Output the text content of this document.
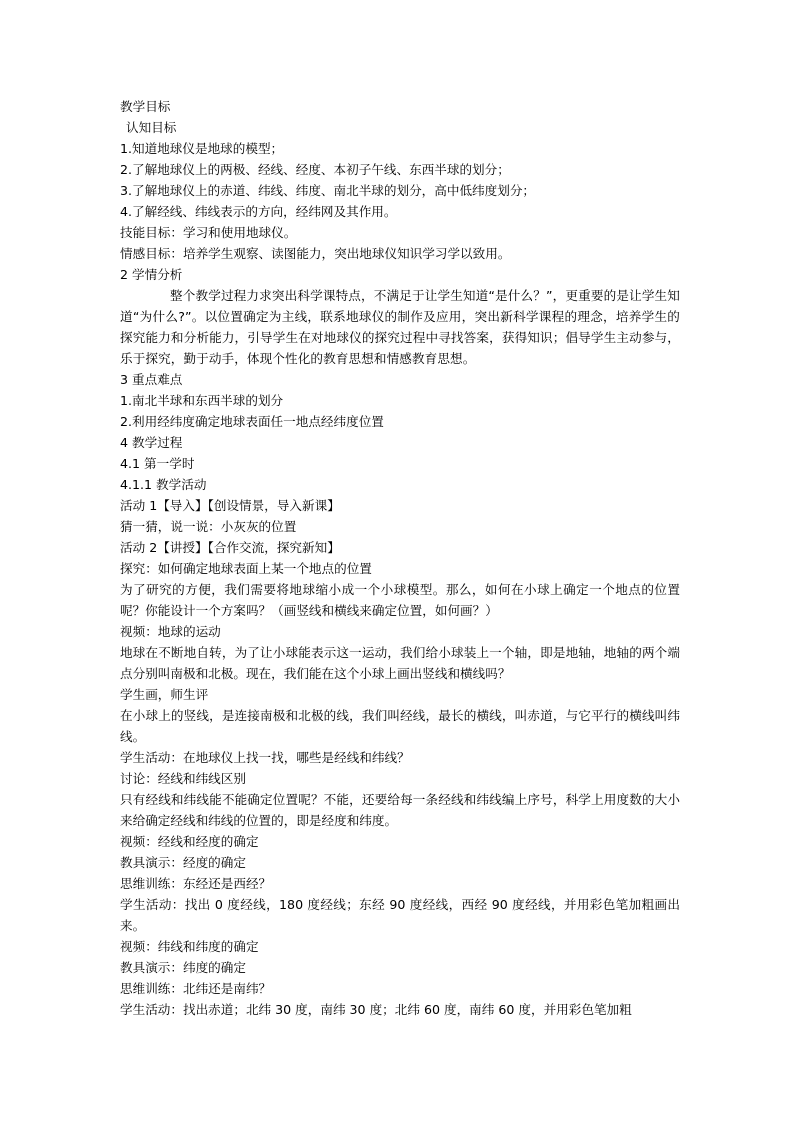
教学目标
认知目标
1.知道地球仪是地球的模型；
2.了解地球仪上的两极、经线、经度、本初子午线、东西半球的划分；
3.了解地球仪上的赤道、纬线、纬度、南北半球的划分，高中低纬度划分；
4.了解经线、纬线表示的方向，经纬网及其作用。
技能目标：学习和使用地球仪。
情感目标：培养学生观察、读图能力，突出地球仪知识学习学以致用。
2 学情分析
整个教学过程力求突出科学课特点，不满足于让学生知道“是什么？”，更重要的是让学生知道“为什么?”。以位置确定为主线，联系地球仪的制作及应用，突出新科学课程的理念，培养学生的探究能力和分析能力，引导学生在对地球仪的探究过程中寻找答案，获得知识；倡导学生主动参与，乐于探究，勤于动手，体现个性化的教育思想和情感教育思想。
3 重点难点
1.南北半球和东西半球的划分
2.利用经纬度确定地球表面任一地点经纬度位置
4 教学过程
4.1 第一学时
4.1.1 教学活动
活动 1【导入】【创设情景，导入新课】
猜一猜，说一说：小灰灰的位置
活动 2【讲授】【合作交流，探究新知】
探究：如何确定地球表面上某一个地点的位置
为了研究的方便，我们需要将地球缩小成一个小球模型。那么，如何在小球上确定一个地点的位置呢？你能设计一个方案吗？（画竖线和横线来确定位置，如何画？）
视频：地球的运动
地球在不断地自转，为了让小球能表示这一运动，我们给小球装上一个轴，即是地轴，地轴的两个端点分别叫南极和北极。现在，我们能在这个小球上画出竖线和横线吗？
学生画，师生评
在小球上的竖线，是连接南极和北极的线，我们叫经线，最长的横线，叫赤道，与它平行的横线叫纬线。
学生活动：在地球仪上找一找，哪些是经线和纬线？
讨论：经线和纬线区别
只有经线和纬线能不能确定位置呢？不能，还要给每一条经线和纬线编上序号，科学上用度数的大小来给确定经线和纬线的位置的，即是经度和纬度。
视频：经线和经度的确定
教具演示：经度的确定
思维训练：东经还是西经？
学生活动：找出 0 度经线，180 度经线；东经 90 度经线，西经 90 度经线，并用彩色笔加粗画出来。
视频：纬线和纬度的确定
教具演示：纬度的确定
思维训练：北纬还是南纬？
学生活动：找出赤道；北纬 30 度，南纬 30 度；北纬 60 度，南纬 60 度，并用彩色笔加粗
